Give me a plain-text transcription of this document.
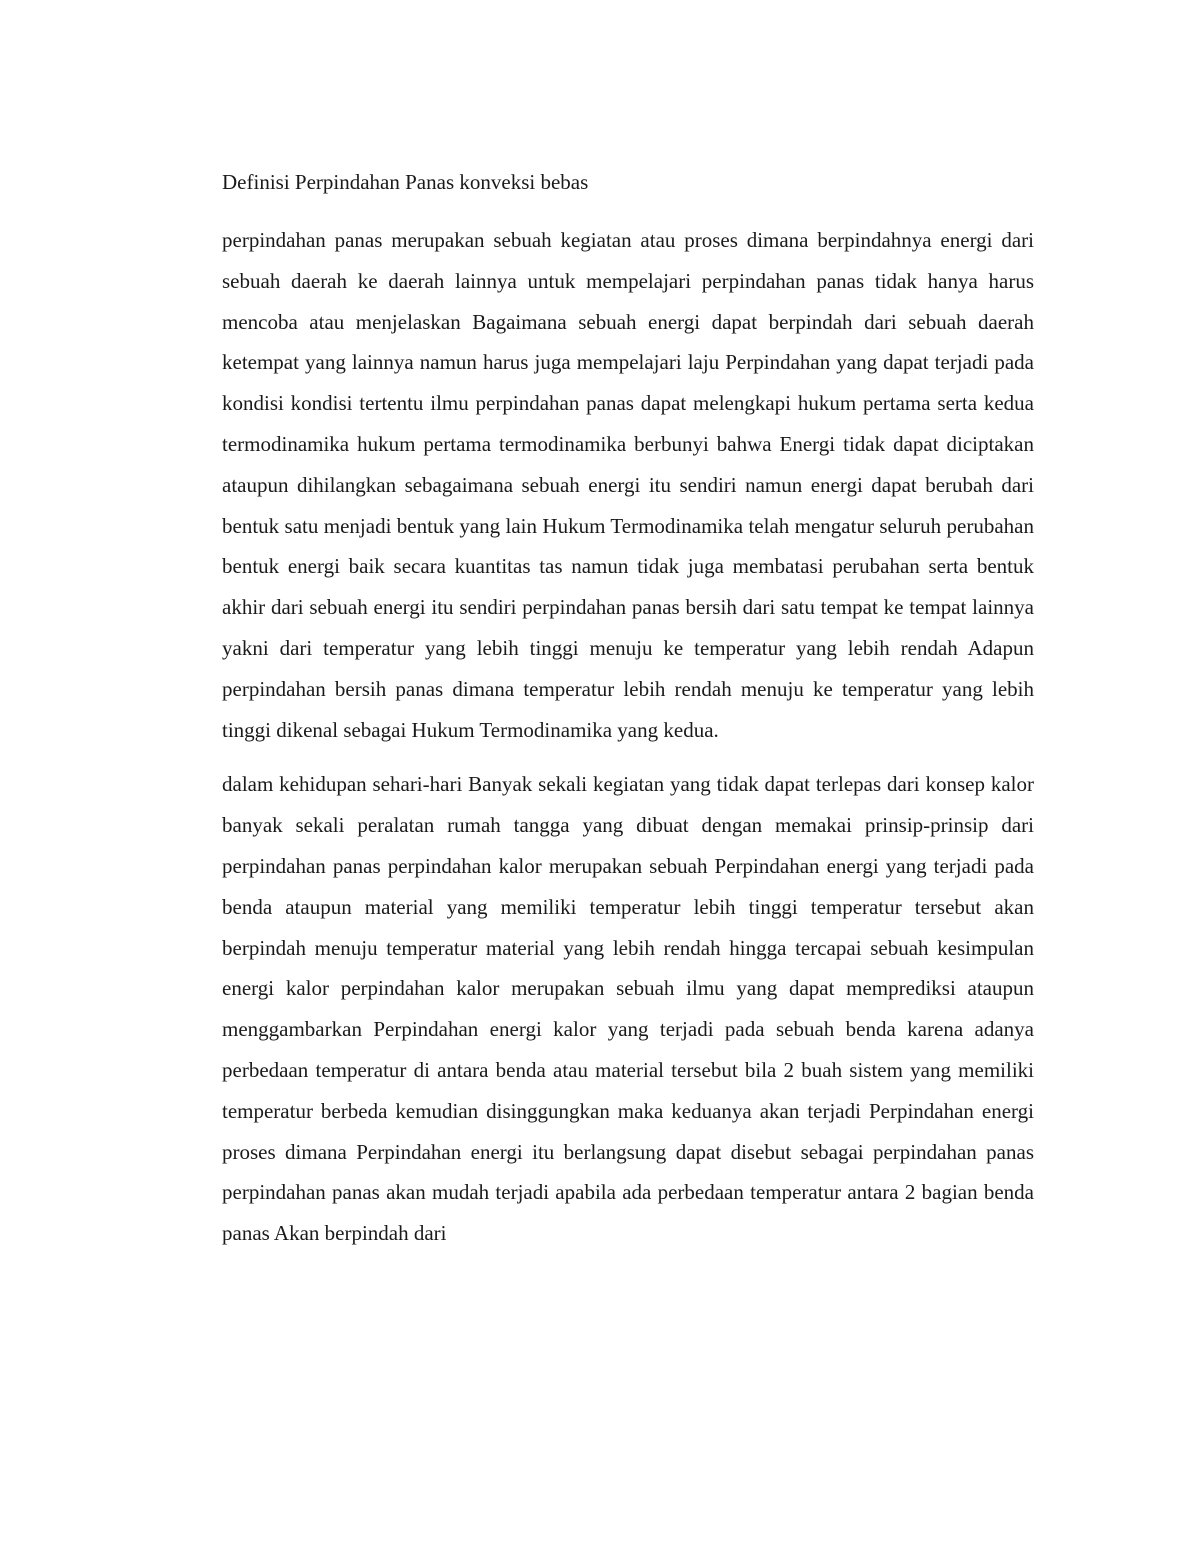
Definisi Perpindahan Panas konveksi bebas

perpindahan panas merupakan sebuah kegiatan atau proses dimana berpindahnya energi dari sebuah daerah ke daerah lainnya untuk mempelajari perpindahan panas tidak hanya harus mencoba atau menjelaskan Bagaimana sebuah energi dapat berpindah dari sebuah daerah ketempat yang lainnya namun harus juga mempelajari laju Perpindahan yang dapat terjadi pada kondisi kondisi tertentu ilmu perpindahan panas dapat melengkapi hukum pertama serta kedua termodinamika hukum pertama termodinamika berbunyi bahwa Energi tidak dapat diciptakan ataupun dihilangkan sebagaimana sebuah energi itu sendiri namun energi dapat berubah dari bentuk satu menjadi bentuk yang lain Hukum Termodinamika telah mengatur seluruh perubahan bentuk energi baik secara kuantitas tas namun tidak juga membatasi perubahan serta bentuk akhir dari sebuah energi itu sendiri perpindahan panas bersih dari satu tempat ke tempat lainnya yakni dari temperatur yang lebih tinggi menuju ke temperatur yang lebih rendah Adapun perpindahan bersih panas dimana temperatur lebih rendah menuju ke temperatur yang lebih tinggi dikenal sebagai Hukum Termodinamika yang kedua.

dalam kehidupan sehari-hari Banyak sekali kegiatan yang tidak dapat terlepas dari konsep kalor banyak sekali peralatan rumah tangga yang dibuat dengan memakai prinsip-prinsip dari perpindahan panas perpindahan kalor merupakan sebuah Perpindahan energi yang terjadi pada benda ataupun material yang memiliki temperatur lebih tinggi temperatur tersebut akan berpindah menuju temperatur material yang lebih rendah hingga tercapai sebuah kesimpulan energi kalor perpindahan kalor merupakan sebuah ilmu yang dapat memprediksi ataupun menggambarkan Perpindahan energi kalor yang terjadi pada sebuah benda karena adanya perbedaan temperatur di antara benda atau material tersebut bila 2 buah sistem yang memiliki temperatur berbeda kemudian disinggungkan maka keduanya akan terjadi Perpindahan energi proses dimana Perpindahan energi itu berlangsung dapat disebut sebagai perpindahan panas perpindahan panas akan mudah terjadi apabila ada perbedaan temperatur antara 2 bagian benda panas Akan berpindah dari
